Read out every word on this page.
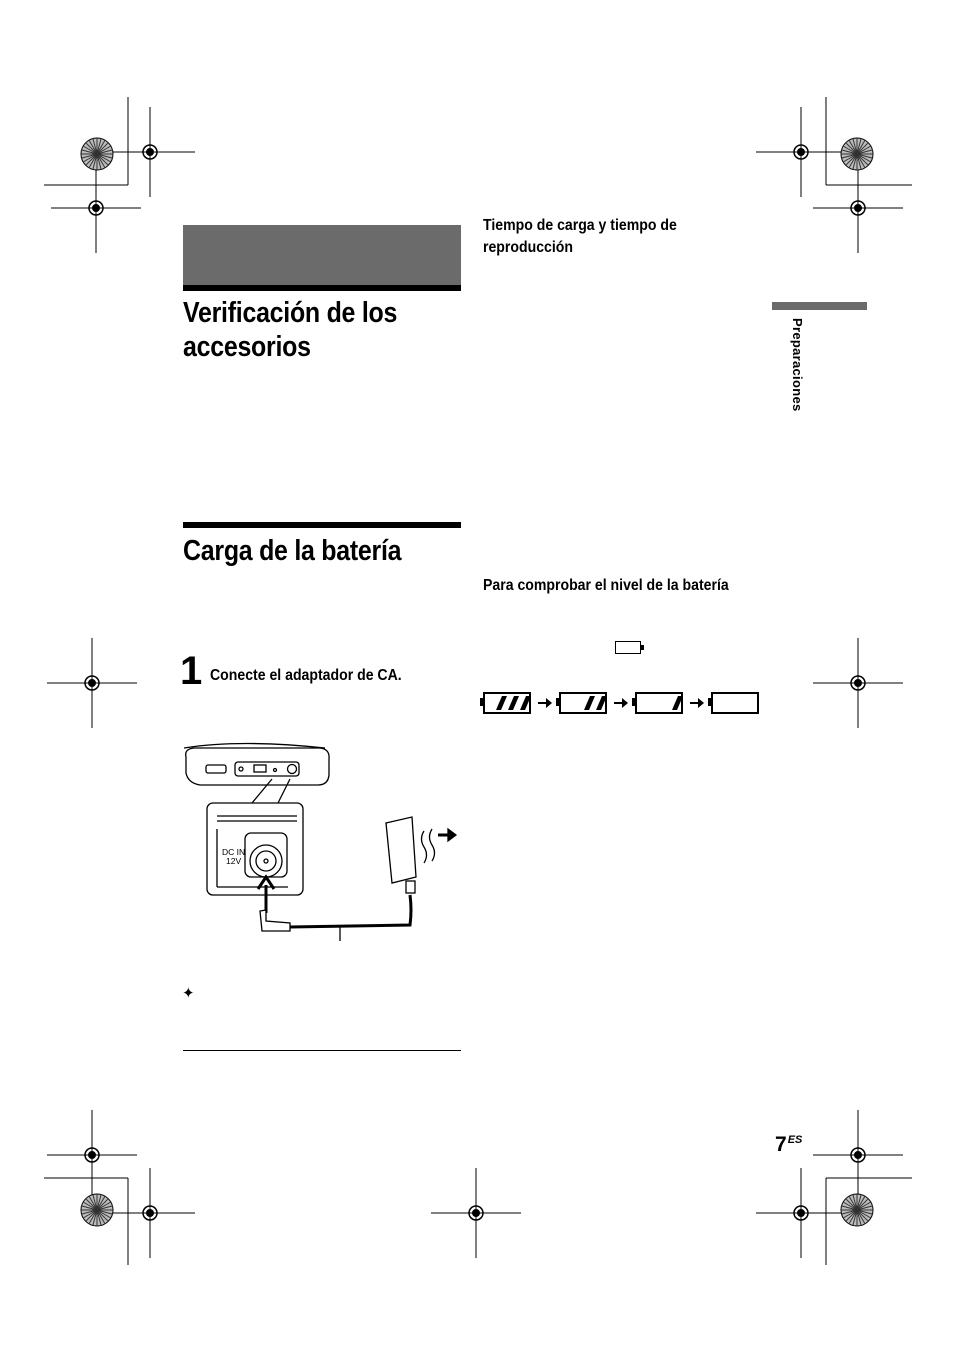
Verificación de los accesorios
Carga de la batería
1 Conecte el adaptador de CA.
DC IN
12V
✦
Tiempo de carga y tiempo de reproducción
Para comprobar el nivel de la batería
Preparaciones
$7^{ES}$
